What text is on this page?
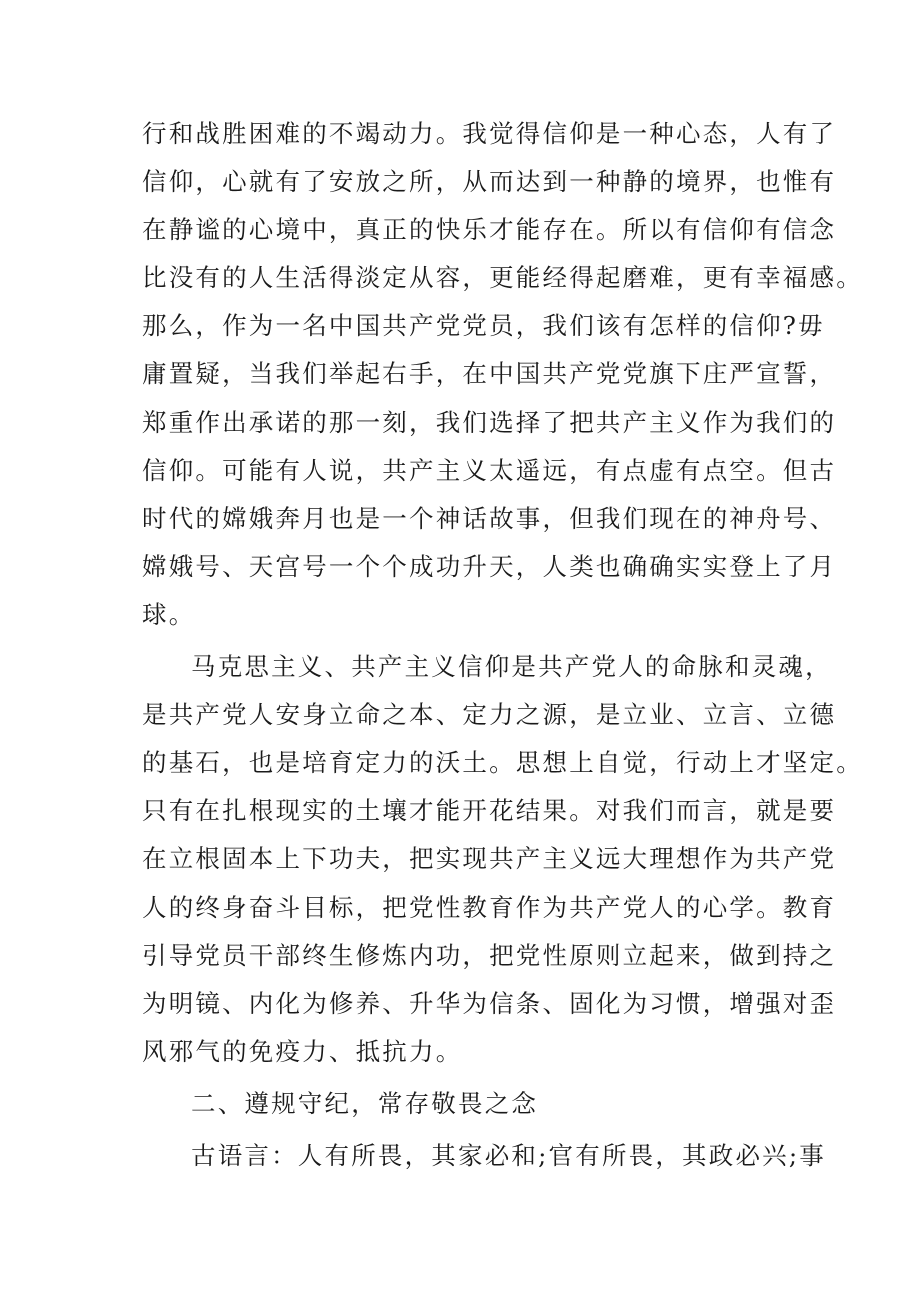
行和战胜困难的不竭动力。我觉得信仰是一种心态，人有了
信仰，心就有了安放之所，从而达到一种静的境界，也惟有
在静谧的心境中，真正的快乐才能存在。所以有信仰有信念
比没有的人生活得淡定从容，更能经得起磨难，更有幸福感。
那么，作为一名中国共产党党员，我们该有怎样的信仰?毋
庸置疑，当我们举起右手，在中国共产党党旗下庄严宣誓，
郑重作出承诺的那一刻，我们选择了把共产主义作为我们的
信仰。可能有人说，共产主义太遥远，有点虚有点空。但古
时代的嫦娥奔月也是一个神话故事，但我们现在的神舟号、
嫦娥号、天宫号一个个成功升天，人类也确确实实登上了月
球。
马克思主义、共产主义信仰是共产党人的命脉和灵魂，
是共产党人安身立命之本、定力之源，是立业、立言、立德
的基石，也是培育定力的沃土。思想上自觉，行动上才坚定。
只有在扎根现实的土壤才能开花结果。对我们而言，就是要
在立根固本上下功夫，把实现共产主义远大理想作为共产党
人的终身奋斗目标，把党性教育作为共产党人的心学。教育
引导党员干部终生修炼内功，把党性原则立起来，做到持之
为明镜、内化为修养、升华为信条、固化为习惯，增强对歪
风邪气的免疫力、抵抗力。
二、遵规守纪，常存敬畏之念
古语言：人有所畏，其家必和;官有所畏，其政必兴;事
